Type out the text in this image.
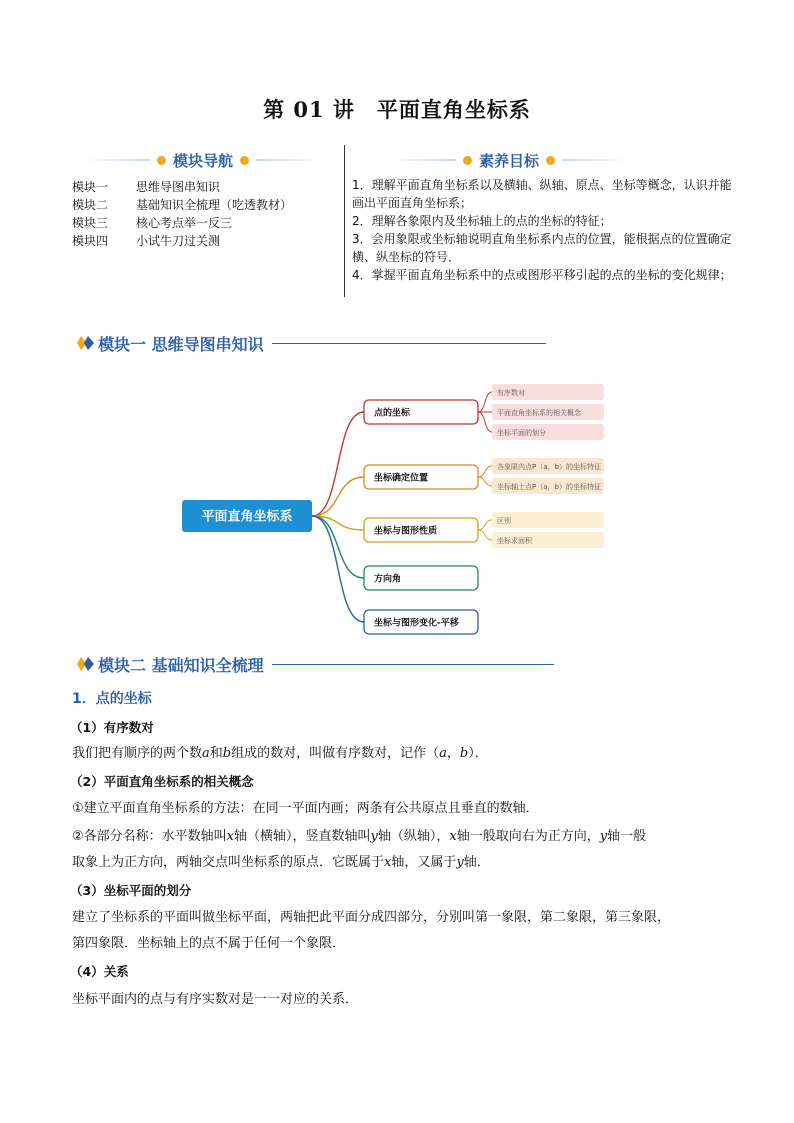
第 01 讲　平面直角坐标系
模块导航	素养目标
模块一	思维导图串知识
模块二	基础知识全梳理（吃透教材）
模块三	核心考点举一反三
模块四	小试牛刀过关测

1．理解平面直角坐标系以及横轴、纵轴、原点、坐标等概念，认识并能画出平面直角坐标系；

2．理解各象限内及坐标轴上的点的坐标的特征；

3．会用象限或坐标轴说明直角坐标系内点的位置，能根据点的位置确定横、纵坐标的符号．

4．掌握平面直角坐标系中的点或图形平移引起的点的坐标的变化规律；

模块一 思维导图串知识
点的坐标
有序数对
平面直角坐标系的相关概念
坐标平面的划分
坐标确定位置
各象限内点P（a，b）的坐标特征
坐标轴上点P（a，b）的坐标特征
坐标与图形性质
区别
坐标求面积
方向角
坐标与图形变化-平移
平面直角坐标系
模块二 基础知识全梳理
1．点的坐标
（1）有序数对
我们把有顺序的两个数a和b组成的数对，叫做有序数对，记作（a，b）．
（2）平面直角坐标系的相关概念
①建立平面直角坐标系的方法：在同一平面内画；两条有公共原点且垂直的数轴．
②各部分名称：水平数轴叫x轴（横轴），竖直数轴叫y轴（纵轴），x轴一般取向右为正方向，y轴一般
取象上为正方向，两轴交点叫坐标系的原点．它既属于x轴，又属于y轴．
（3）坐标平面的划分
建立了坐标系的平面叫做坐标平面，两轴把此平面分成四部分，分别叫第一象限，第二象限，第三象限，
第四象限．坐标轴上的点不属于任何一个象限．
（4）关系
坐标平面内的点与有序实数对是一一对应的关系．
